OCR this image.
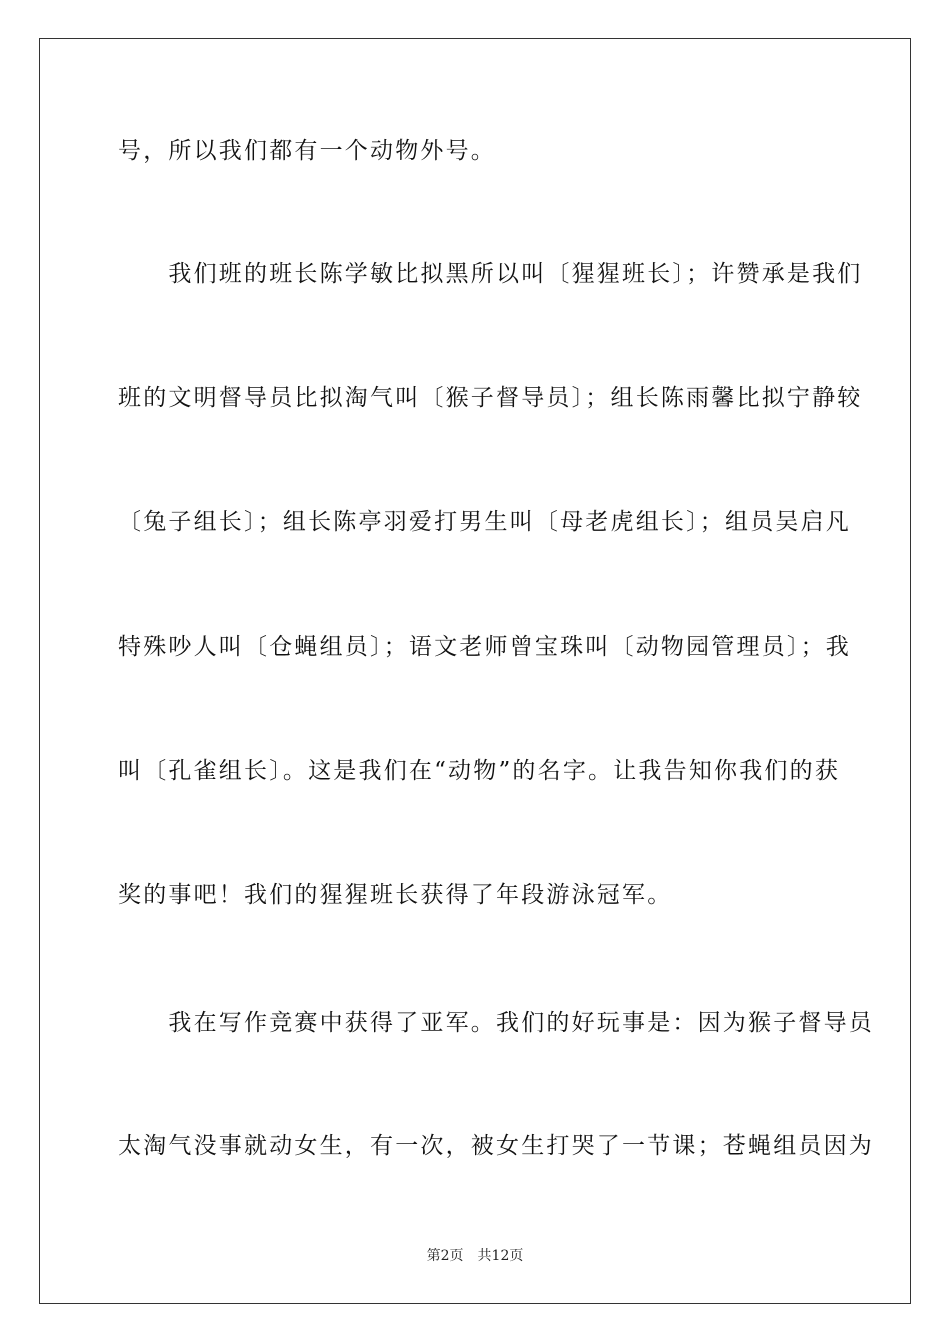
号，所以我们都有一个动物外号。
　　我们班的班长陈学敏比拟黑所以叫〔猩猩班长〕；许赞承是我们
班的文明督导员比拟淘气叫〔猴子督导员〕；组长陈雨馨比拟宁静较
〔兔子组长〕；组长陈亭羽爱打男生叫〔母老虎组长〕；组员吴启凡
特殊吵人叫〔仓蝇组员〕；语文老师曾宝珠叫〔动物园管理员〕；我
叫〔孔雀组长〕。这是我们在“动物”的名字。让我告知你我们的获
奖的事吧！我们的猩猩班长获得了年段游泳冠军。
　　我在写作竞赛中获得了亚军。我们的好玩事是：因为猴子督导员
太淘气没事就动女生，有一次，被女生打哭了一节课；苍蝇组员因为
第2页 共12页
